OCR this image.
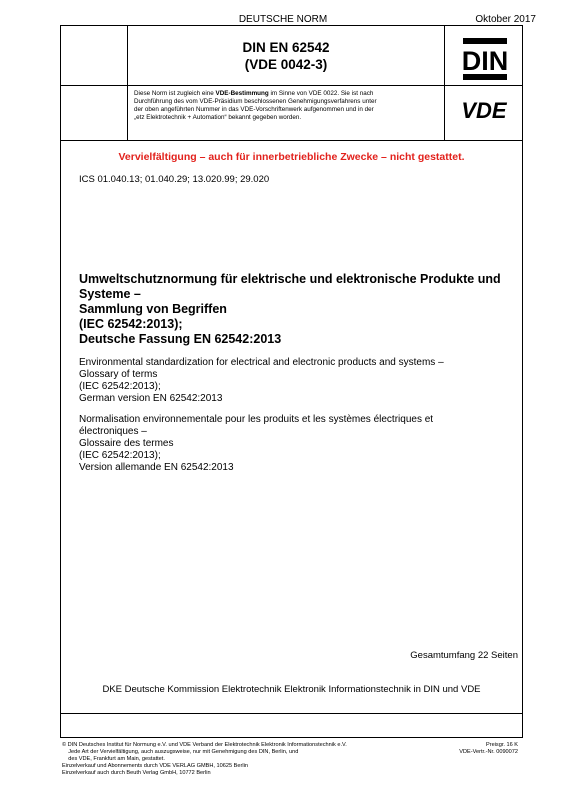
DEUTSCHE NORM	Oktober 2017
DIN EN 62542
(VDE 0042-3)	DIN
VDE
Diese Norm ist zugleich eine VDE-Bestimmung im Sinne von VDE 0022. Sie ist nach
Durchführung des vom VDE-Präsidium beschlossenen Genehmigungsverfahrens unter
der oben angeführten Nummer in das VDE-Vorschriftenwerk aufgenommen und in der
„etz Elektrotechnik + Automation“ bekannt gegeben worden.
Vervielfältigung – auch für innerbetriebliche Zwecke – nicht gestattet.
ICS 01.040.13; 01.040.29; 13.020.99; 29.020
Umweltschutznormung für elektrische und elektronische Produkte und
Systeme –
Sammlung von Begriffen
(IEC 62542:2013);
Deutsche Fassung EN 62542:2013
Environmental standardization for electrical and electronic products and systems –
Glossary of terms
(IEC 62542:2013);
German version EN 62542:2013
Normalisation environnementale pour les produits et les systèmes électriques et
électroniques –
Glossaire des termes
(IEC 62542:2013);
Version allemande EN 62542:2013
Gesamtumfang 22 Seiten
DKE Deutsche Kommission Elektrotechnik Elektronik Informationstechnik in DIN und VDE
© DIN Deutsches Institut für Normung e.V. und VDE Verband der Elektrotechnik Elektronik Informationstechnik e.V.
Jede Art der Vervielfältigung, auch auszugsweise, nur mit Genehmigung des DIN, Berlin, und
des VDE, Frankfurt am Main, gestattet.
Einzelverkauf und Abonnements durch VDE VERLAG GMBH, 10625 Berlin
Einzelverkauf auch durch Beuth Verlag GmbH, 10772 Berlin
Preisgr. 16 K
VDE-Vertr.-Nr. 0090072
